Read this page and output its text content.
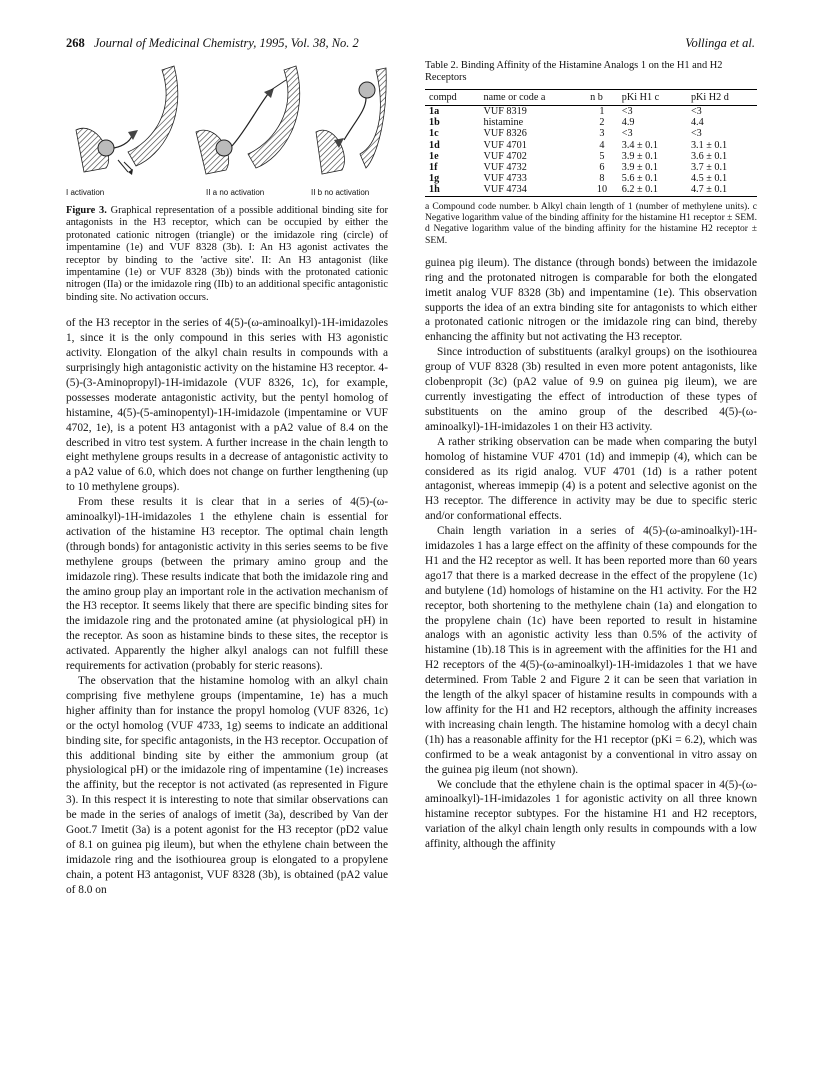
268 Journal of Medicinal Chemistry, 1995, Vol. 38, No. 2	Vollinga et al.
I activation	II a no activation	II b no activation
Figure 3. Graphical representation of a possible additional binding site for antagonists in the H3 receptor, which can be occupied by either the protonated cationic nitrogen (triangle) or the imidazole ring (circle) of impentamine (1e) and VUF 8328 (3b). I: An H3 agonist activates the receptor by binding to the 'active site'. II: An H3 antagonist (like impentamine (1e) or VUF 8328 (3b)) binds with the protonated cationic nitrogen (IIa) or the imidazole ring (IIb) to an additional specific antagonistic binding site. No activation occurs.

of the H3 receptor in the series of 4(5)-(ω-aminoalkyl)-1H-imidazoles 1, since it is the only compound in this series with H3 agonistic activity. Elongation of the alkyl chain results in compounds with a surprisingly high antagonistic activity on the histamine H3 receptor. 4-(5)-(3-Aminopropyl)-1H-imidazole (VUF 8326, 1c), for example, possesses moderate antagonistic activity, but the pentyl homolog of histamine, 4(5)-(5-aminopentyl)-1H-imidazole (impentamine or VUF 4702, 1e), is a potent H3 antagonist with a pA2 value of 8.4 on the described in vitro test system. A further increase in the chain length to eight methylene groups results in a decrease of antagonistic activity to a pA2 value of 6.0, which does not change on further lengthening (up to 10 methylene groups).

From these results it is clear that in a series of 4(5)-(ω-aminoalkyl)-1H-imidazoles 1 the ethylene chain is essential for activation of the histamine H3 receptor. The optimal chain length (through bonds) for antagonistic activity in this series seems to be five methylene groups (between the primary amino group and the imidazole ring). These results indicate that both the imidazole ring and the amino group play an important role in the activation mechanism of the H3 receptor. It seems likely that there are specific binding sites for the imidazole ring and the protonated amine (at physiological pH) in the receptor. As soon as histamine binds to these sites, the receptor is activated. Apparently the higher alkyl analogs can not fulfill these requirements for activation (probably for steric reasons).

The observation that the histamine homolog with an alkyl chain comprising five methylene groups (impentamine, 1e) has a much higher affinity than for instance the propyl homolog (VUF 8326, 1c) or the octyl homolog (VUF 4733, 1g) seems to indicate an additional binding site, for specific antagonists, in the H3 receptor. Occupation of this additional binding site by either the ammonium group (at physiological pH) or the imidazole ring of impentamine (1e) increases the affinity, but the receptor is not activated (as represented in Figure 3). In this respect it is interesting to note that similar observations can be made in the series of analogs of imetit (3a), described by Van der Goot.7 Imetit (3a) is a potent agonist for the H3 receptor (pD2 value of 8.1 on guinea pig ileum), but when the ethylene chain between the imidazole ring and the isothiourea group is elongated to a propylene chain, a potent H3 antagonist, VUF 8328 (3b), is obtained (pA2 value of 8.0 on

Table 2. Binding Affinity of the Histamine Analogs 1 on the H1 and H2 Receptors
compd	name or code a	n b	pKi H1 c	pKi H2 d
1a	VUF 8319	1	<3	<3
1b	histamine	2	4.9	4.4
1c	VUF 8326	3	<3	<3
1d	VUF 4701	4	3.4 ± 0.1	3.1 ± 0.1
1e	VUF 4702	5	3.9 ± 0.1	3.6 ± 0.1
1f	VUF 4732	6	3.9 ± 0.1	3.7 ± 0.1
1g	VUF 4733	8	5.6 ± 0.1	4.5 ± 0.1
1h	VUF 4734	10	6.2 ± 0.1	4.7 ± 0.1
a Compound code number. b Alkyl chain length of 1 (number of methylene units). c Negative logarithm value of the binding affinity for the histamine H1 receptor ± SEM. d Negative logarithm value of the binding affinity for the histamine H2 receptor ± SEM.

guinea pig ileum). The distance (through bonds) between the imidazole ring and the protonated nitrogen is comparable for both the elongated imetit analog VUF 8328 (3b) and impentamine (1e). This observation supports the idea of an extra binding site for antagonists to which either a protonated cationic nitrogen or the imidazole ring can bind, thereby enhancing the affinity but not activating the H3 receptor.

Since introduction of substituents (aralkyl groups) on the isothiourea group of VUF 8328 (3b) resulted in even more potent antagonists, like clobenpropit (3c) (pA2 value of 9.9 on guinea pig ileum), we are currently investigating the effect of introduction of these types of substituents on the amino group of the described 4(5)-(ω-aminoalkyl)-1H-imidazoles 1 on their H3 activity.

A rather striking observation can be made when comparing the butyl homolog of histamine VUF 4701 (1d) and immepip (4), which can be considered as its rigid analog. VUF 4701 (1d) is a rather potent antagonist, whereas immepip (4) is a potent and selective agonist on the H3 receptor. The difference in activity may be due to specific steric and/or conformational effects.

Chain length variation in a series of 4(5)-(ω-aminoalkyl)-1H-imidazoles 1 has a large effect on the affinity of these compounds for the H1 and the H2 receptor as well. It has been reported more than 60 years ago17 that there is a marked decrease in the effect of the propylene (1c) and butylene (1d) homologs of histamine on the H1 activity. For the H2 receptor, both shortening to the methylene chain (1a) and elongation to the propylene chain (1c) have been reported to result in histamine analogs with an agonistic activity less than 0.5% of the activity of histamine (1b).18 This is in agreement with the affinities for the H1 and H2 receptors of the 4(5)-(ω-aminoalkyl)-1H-imidazoles 1 that we have determined. From Table 2 and Figure 2 it can be seen that variation in the length of the alkyl spacer of histamine results in compounds with a low affinity for the H1 and H2 receptors, although the affinity increases with increasing chain length. The histamine homolog with a decyl chain (1h) has a reasonable affinity for the H1 receptor (pKi = 6.2), which was confirmed to be a weak antagonist by a conventional in vitro assay on the guinea pig ileum (not shown).

We conclude that the ethylene chain is the optimal spacer in 4(5)-(ω-aminoalkyl)-1H-imidazoles 1 for agonistic activity on all three known histamine receptor subtypes. For the histamine H1 and H2 receptors, variation of the alkyl chain length only results in compounds with a low affinity, although the affinity
